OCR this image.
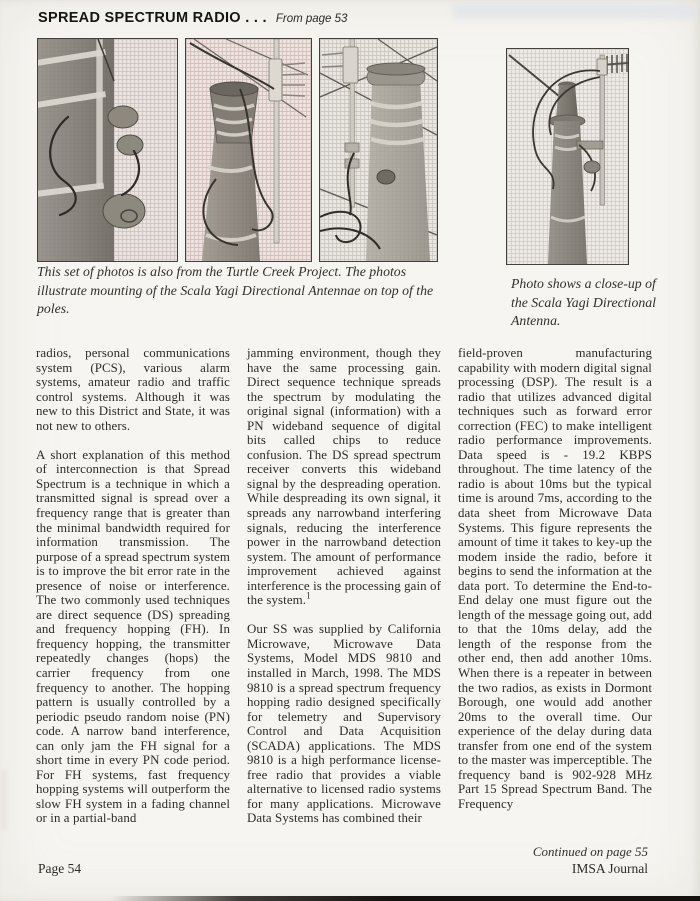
SPREAD SPECTRUM RADIO . . . From page 53

This set of photos is also from the Turtle Creek Project. The photos illustrate mounting of the Scala Yagi Directional Antennae on top of the poles.

Photo shows a close-up of the Scala Yagi Directional Antenna.

radios, personal communications system (PCS), various alarm systems, amateur radio and traffic control systems. Although it was new to this District and State, it was not new to others.

A short explanation of this method of interconnection is that Spread Spectrum is a technique in which a transmitted signal is spread over a frequency range that is greater than the minimal bandwidth required for information transmission. The purpose of a spread spectrum system is to improve the bit error rate in the presence of noise or interference. The two commonly used techniques are direct sequence (DS) spreading and frequency hopping (FH). In frequency hopping, the transmitter repeatedly changes (hops) the carrier frequency from one frequency to another. The hopping pattern is usually controlled by a periodic pseudo random noise (PN) code. A narrow band interference, can only jam the FH signal for a short time in every PN code period. For FH systems, fast frequency hopping systems will outperform the slow FH system in a fading channel or in a partial-band

jamming environment, though they have the same processing gain. Direct sequence technique spreads the spectrum by modulating the original signal (information) with a PN wideband sequence of digital bits called chips to reduce confusion. The DS spread spectrum receiver converts this wideband signal by the despreading operation. While despreading its own signal, it spreads any narrowband interfering signals, reducing the interference power in the narrowband detection system. The amount of performance improvement achieved against interference is the processing gain of the system.$^1$

Our SS was supplied by California Microwave, Microwave Data Systems, Model MDS 9810 and installed in March, 1998. The MDS 9810 is a spread spectrum frequency hopping radio designed specifically for telemetry and Supervisory Control and Data Acquisition (SCADA) applications. The MDS 9810 is a high performance license-free radio that provides a viable alternative to licensed radio systems for many applications. Microwave Data Systems has combined their

field-proven manufacturing capability with modern digital signal processing (DSP). The result is a radio that utilizes advanced digital techniques such as forward error correction (FEC) to make intelligent radio performance improvements. Data speed is - 19.2 KBPS throughout. The time latency of the radio is about 10ms but the typical time is around 7ms, according to the data sheet from Microwave Data Systems. This figure represents the amount of time it takes to key-up the modem inside the radio, before it begins to send the information at the data port. To determine the End-to-End delay one must figure out the length of the message going out, add to that the 10ms delay, add the length of the response from the other end, then add another 10ms. When there is a repeater in between the two radios, as exists in Dormont Borough, one would add another 20ms to the overall time. Our experience of the delay during data transfer from one end of the system to the master was imperceptible. The frequency band is 902-928 MHz Part 15 Spread Spectrum Band. The Frequency

Continued on page 55
Page 54	IMSA Journal
